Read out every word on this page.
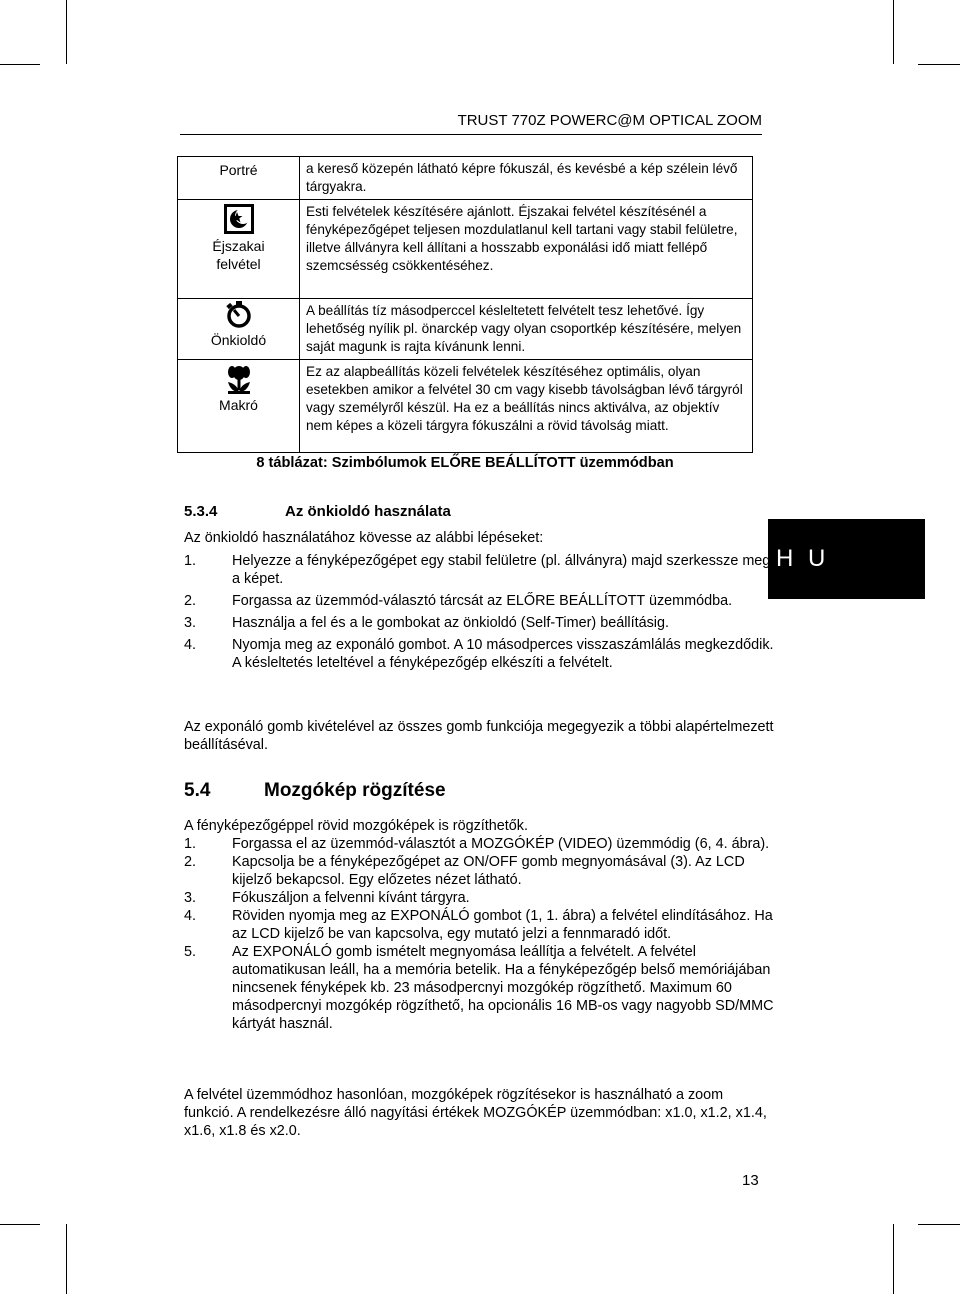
TRUST 770Z POWERC@M OPTICAL ZOOM
Portré	a kereső közepén látható képre fókuszál, és kevésbé a kép szélein lévő tárgyakra.

Éjszakai felvétel	Esti felvételek készítésére ajánlott. Éjszakai felvétel készítésénél a fényképezőgépet teljesen mozdulatlanul kell tartani vagy stabil felületre, illetve állványra kell állítani a hosszabb exponálási idő miatt fellépő szemcsésség csökkentéséhez.

Önkioldó	A beállítás tíz másodperccel késleltetett felvételt tesz lehetővé. Így lehetőség nyílik pl. önarckép vagy olyan csoportkép készítésére, melyen saját magunk is rajta kívánunk lenni.

Makró	Ez az alapbeállítás közeli felvételek készítéséhez optimális, olyan esetekben amikor a felvétel 30 cm vagy kisebb távolságban lévő tárgyról vagy személyről készül. Ha ez a beállítás nincs aktiválva, az objektív nem képes a közeli tárgyra fókuszálni a rövid távolság miatt.
8 táblázat: Szimbólumok ELŐRE BEÁLLÍTOTT üzemmódban
H U
5.3.4	Az önkioldó használata
Az önkioldó használatához kövesse az alábbi lépéseket:
1.	Helyezze a fényképezőgépet egy stabil felületre (pl. állványra) majd szerkessze meg a képet.
2.	Forgassa az üzemmód-választó tárcsát az ELŐRE BEÁLLÍTOTT üzemmódba.
3.	Használja a fel és a le gombokat az önkioldó (Self-Timer) beállításig.
4.	Nyomja meg az exponáló gombot. A 10 másodperces visszaszámlálás megkezdődik. A késleltetés leteltével a fényképezőgép elkészíti a felvételt.
Az exponáló gomb kivételével az összes gomb funkciója megegyezik a többi alapértelmezett beállításéval.
5.4	Mozgókép rögzítése
A fényképezőgéppel rövid mozgóképek is rögzíthetők.
1.	Forgassa el az üzemmód-választót a MOZGÓKÉP (VIDEO) üzemmódig (6, 4. ábra).
2.	Kapcsolja be a fényképezőgépet az ON/OFF gomb megnyomásával (3). Az LCD kijelző bekapcsol. Egy előzetes nézet látható.
3.	Fókuszáljon a felvenni kívánt tárgyra.
4.	Röviden nyomja meg az EXPONÁLÓ gombot (1, 1. ábra) a felvétel elindításához. Ha az LCD kijelző be van kapcsolva, egy mutató jelzi a fennmaradó időt.
5.	Az EXPONÁLÓ gomb ismételt megnyomása leállítja a felvételt. A felvétel automatikusan leáll, ha a memória betelik. Ha a fényképezőgép belső memóriájában nincsenek fényképek kb. 23 másodpercnyi mozgókép rögzíthető. Maximum 60 másodpercnyi mozgókép rögzíthető, ha opcionális 16 MB-os vagy nagyobb SD/MMC kártyát használ.
A felvétel üzemmódhoz hasonlóan, mozgóképek rögzítésekor is használható a zoom funkció. A rendelkezésre álló nagyítási értékek MOZGÓKÉP üzemmódban: x1.0, x1.2, x1.4, x1.6, x1.8 és x2.0.
13
